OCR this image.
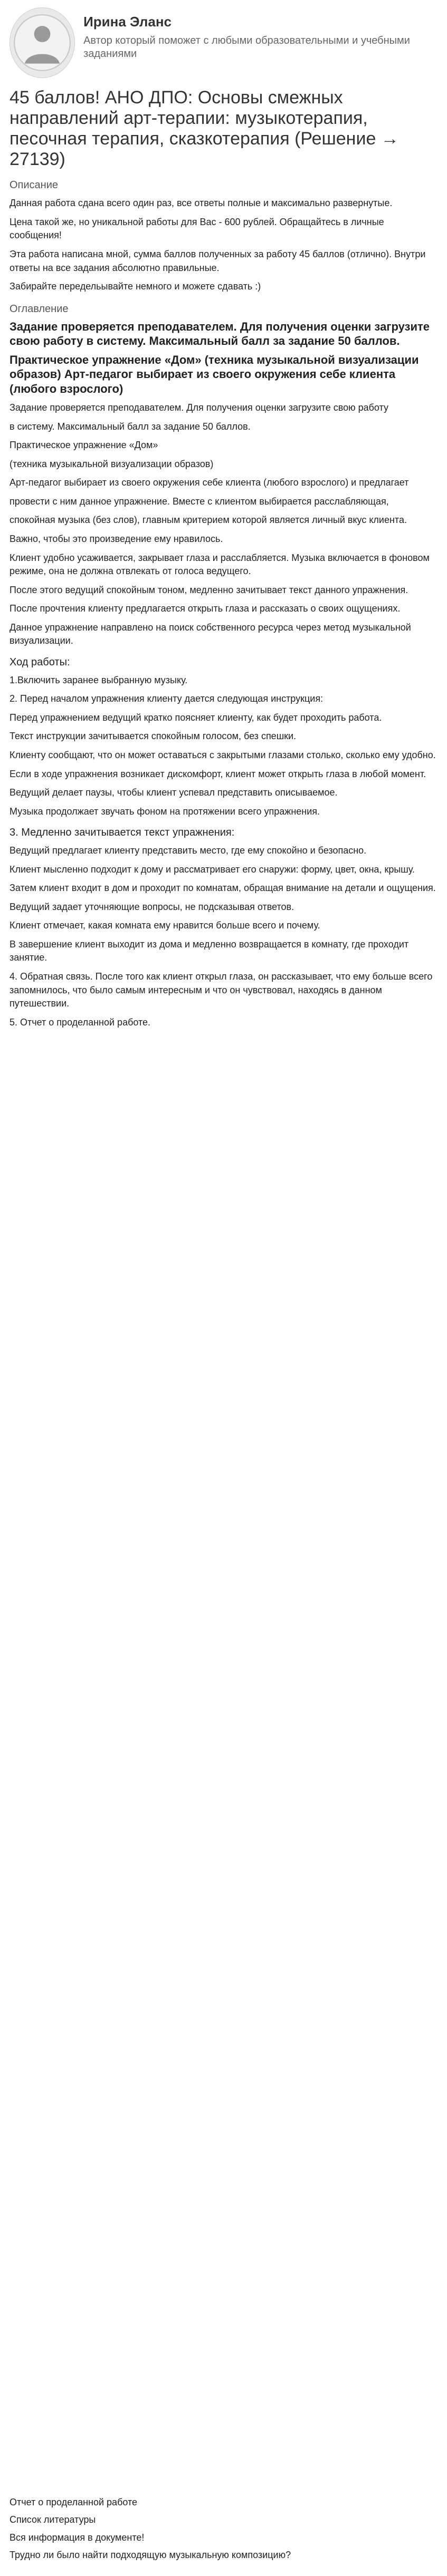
Ирина Эланс
Автор который поможет с любыми образовательными и учебными заданиями
45 баллов! АНО ДПО: Основы смежных направлений арт-терапии: музыкотерапия, песочная терапия, сказкотерапия (Решение → 27139)
Описание

Данная работа сдана всего один раз, все ответы полные и максимально развернутые.

Цена такой же, но уникальной работы для Вас - 600 рублей. Обращайтесь в личные сообщения!

Эта работа написана мной, сумма баллов полученных за работу 45 баллов (отлично). Внутри ответы на все задания абсолютно правильные.

Забирайте передельывайте немного и можете сдавать :)

Оглавление
Задание проверяется преподавателем. Для получения оценки загрузите свою работу в систему. Максимальный балл за задание 50 баллов.
Практическое упражнение «Дом» (техника музыкальной визуализации образов) Арт-педагог выбирает из своего окружения себе клиента (любого взрослого)

Задание проверяется преподавателем. Для получения оценки загрузите свою работу

в систему. Максимальный балл за задание 50 баллов.

Практическое упражнение «Дом»

(техника музыкальной визуализации образов)

Арт-педагог выбирает из своего окружения себе клиента (любого взрослого) и предлагает

провести с ним данное упражнение. Вместе с клиентом выбирается расслабляющая,

спокойная музыка (без слов), главным критерием которой является личный вкус клиента.

Важно, чтобы это произведение ему нравилось.

Клиент удобно усаживается, закрывает глаза и расслабляется. Музыка включается в фоновом режиме, она не должна отвлекать от голоса ведущего.

После этого ведущий спокойным тоном, медленно зачитывает текст данного упражнения.

После прочтения клиенту предлагается открыть глаза и рассказать о своих ощущениях.

Данное упражнение направлено на поиск собственного ресурса через метод музыкальной визуализации.

Ход работы:

1.Включить заранее выбранную музыку.

2. Перед началом упражнения клиенту дается следующая инструкция:

Перед упражнением ведущий кратко поясняет клиенту, как будет проходить работа.

Текст инструкции зачитывается спокойным голосом, без спешки.

Клиенту сообщают, что он может оставаться с закрытыми глазами столько, сколько ему удобно.

Если в ходе упражнения возникает дискомфорт, клиент может открыть глаза в любой момент.

Ведущий делает паузы, чтобы клиент успевал представить описываемое.

Музыка продолжает звучать фоном на протяжении всего упражнения.

3. Медленно зачитывается текст упражнения:

Ведущий предлагает клиенту представить место, где ему спокойно и безопасно.

Клиент мысленно подходит к дому и рассматривает его снаружи: форму, цвет, окна, крышу.

Затем клиент входит в дом и проходит по комнатам, обращая внимание на детали и ощущения.

Ведущий задает уточняющие вопросы, не подсказывая ответов.

Клиент отмечает, какая комната ему нравится больше всего и почему.

В завершение клиент выходит из дома и медленно возвращается в комнату, где проходит занятие.

4. Обратная связь. После того как клиент открыл глаза, он рассказывает, что ему больше всего запомнилось, что было самым интересным и что он чувствовал, находясь в данном путешествии.

5. Отчет о проделанной работе.

Отчет о проделанной работе

Список литературы

Вся информация в документе!

Трудно ли было найти подходящую музыкальную композицию?
